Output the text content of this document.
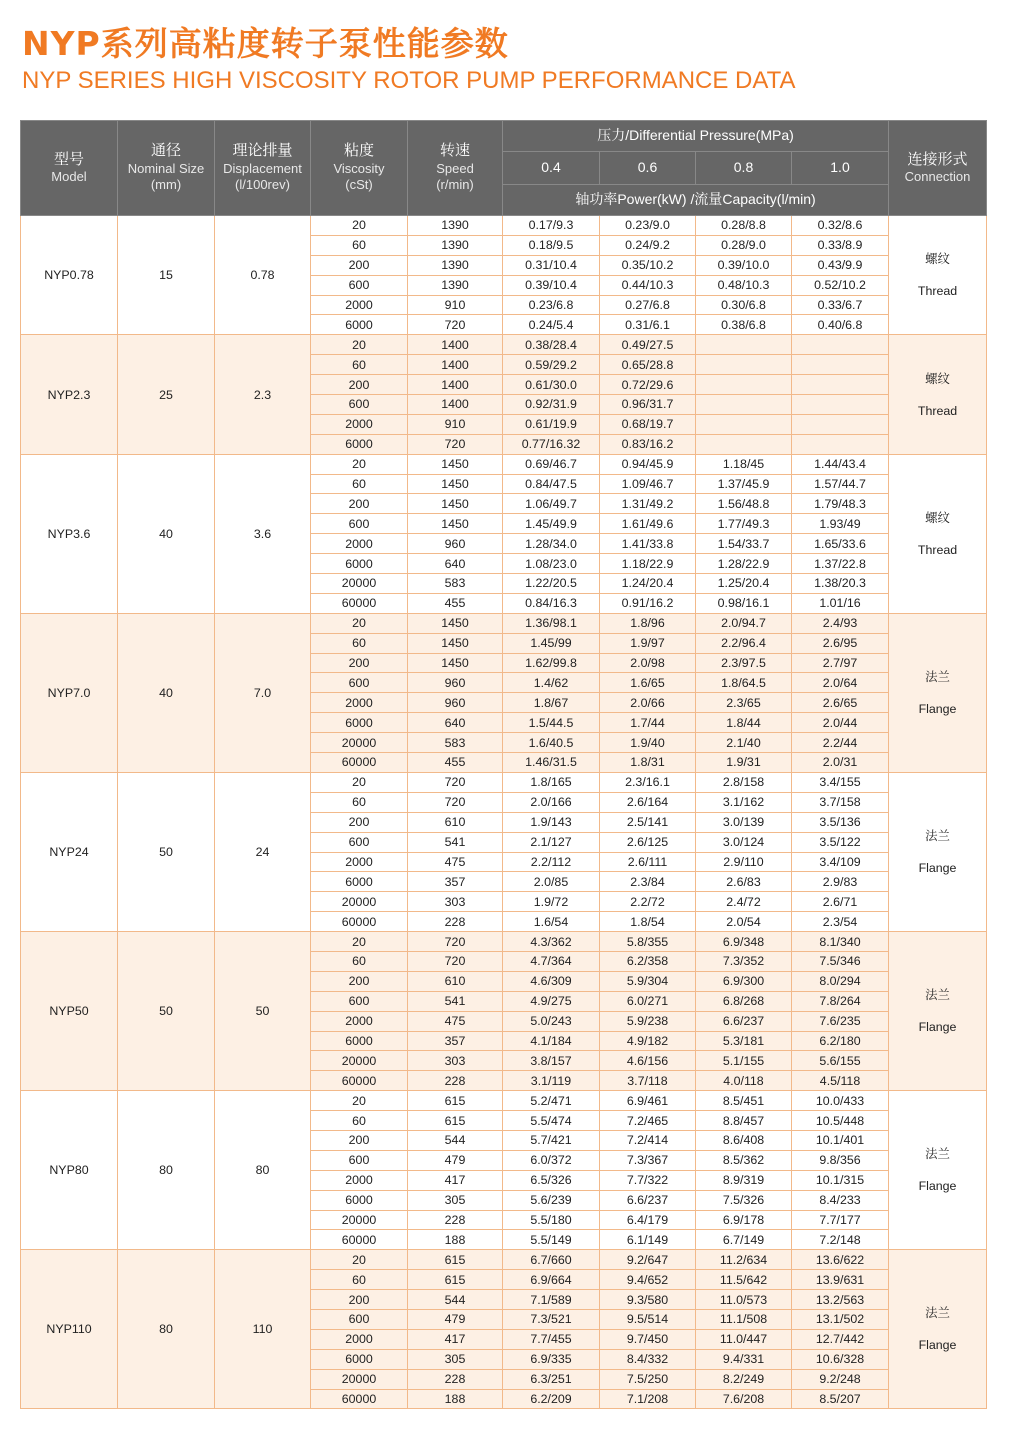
NYP系列高粘度转子泵性能参数
NYP SERIES HIGH VISCOSITY ROTOR PUMP PERFORMANCE DATA
型号
Model	通径
Nominal Size
(mm)	理论排量
Displacement
(l/100rev)	粘度
Viscosity
(cSt)	转速
Speed
(r/min)	压力/Differential Pressure(MPa)				连接形式
Connection

					0.4	0.6	0.8	1.0	
					轴功率Power(kW) /流量Capacity(l/min)				
NYP0.78	15	0.78	20	1390	0.17/9.3	0.23/9.0	0.28/8.8	0.32/8.6	螺纹
Thread

			60	1390	0.18/9.5	0.24/9.2	0.28/9.0	0.33/8.9	
			200	1390	0.31/10.4	0.35/10.2	0.39/10.0	0.43/9.9	
			600	1390	0.39/10.4	0.44/10.3	0.48/10.3	0.52/10.2	
			2000	910	0.23/6.8	0.27/6.8	0.30/6.8	0.33/6.7	
			6000	720	0.24/5.4	0.31/6.1	0.38/6.8	0.40/6.8	
NYP2.3	25	2.3	20	1400	0.38/28.4	0.49/27.5			螺纹
Thread

			60	1400	0.59/29.2	0.65/28.8			
			200	1400	0.61/30.0	0.72/29.6			
			600	1400	0.92/31.9	0.96/31.7			
			2000	910	0.61/19.9	0.68/19.7			
			6000	720	0.77/16.32	0.83/16.2			
NYP3.6	40	3.6	20	1450	0.69/46.7	0.94/45.9	1.18/45	1.44/43.4	螺纹
Thread

			60	1450	0.84/47.5	1.09/46.7	1.37/45.9	1.57/44.7	
			200	1450	1.06/49.7	1.31/49.2	1.56/48.8	1.79/48.3	
			600	1450	1.45/49.9	1.61/49.6	1.77/49.3	1.93/49	
			2000	960	1.28/34.0	1.41/33.8	1.54/33.7	1.65/33.6	
			6000	640	1.08/23.0	1.18/22.9	1.28/22.9	1.37/22.8	
			20000	583	1.22/20.5	1.24/20.4	1.25/20.4	1.38/20.3	
			60000	455	0.84/16.3	0.91/16.2	0.98/16.1	1.01/16	
NYP7.0	40	7.0	20	1450	1.36/98.1	1.8/96	2.0/94.7	2.4/93	法兰
Flange

			60	1450	1.45/99	1.9/97	2.2/96.4	2.6/95	
			200	1450	1.62/99.8	2.0/98	2.3/97.5	2.7/97	
			600	960	1.4/62	1.6/65	1.8/64.5	2.0/64	
			2000	960	1.8/67	2.0/66	2.3/65	2.6/65	
			6000	640	1.5/44.5	1.7/44	1.8/44	2.0/44	
			20000	583	1.6/40.5	1.9/40	2.1/40	2.2/44	
			60000	455	1.46/31.5	1.8/31	1.9/31	2.0/31	
NYP24	50	24	20	720	1.8/165	2.3/16.1	2.8/158	3.4/155	法兰
Flange

			60	720	2.0/166	2.6/164	3.1/162	3.7/158	
			200	610	1.9/143	2.5/141	3.0/139	3.5/136	
			600	541	2.1/127	2.6/125	3.0/124	3.5/122	
			2000	475	2.2/112	2.6/111	2.9/110	3.4/109	
			6000	357	2.0/85	2.3/84	2.6/83	2.9/83	
			20000	303	1.9/72	2.2/72	2.4/72	2.6/71	
			60000	228	1.6/54	1.8/54	2.0/54	2.3/54	
NYP50	50	50	20	720	4.3/362	5.8/355	6.9/348	8.1/340	法兰
Flange

			60	720	4.7/364	6.2/358	7.3/352	7.5/346	
			200	610	4.6/309	5.9/304	6.9/300	8.0/294	
			600	541	4.9/275	6.0/271	6.8/268	7.8/264	
			2000	475	5.0/243	5.9/238	6.6/237	7.6/235	
			6000	357	4.1/184	4.9/182	5.3/181	6.2/180	
			20000	303	3.8/157	4.6/156	5.1/155	5.6/155	
			60000	228	3.1/119	3.7/118	4.0/118	4.5/118	
NYP80	80	80	20	615	5.2/471	6.9/461	8.5/451	10.0/433	法兰
Flange

			60	615	5.5/474	7.2/465	8.8/457	10.5/448	
			200	544	5.7/421	7.2/414	8.6/408	10.1/401	
			600	479	6.0/372	7.3/367	8.5/362	9.8/356	
			2000	417	6.5/326	7.7/322	8.9/319	10.1/315	
			6000	305	5.6/239	6.6/237	7.5/326	8.4/233	
			20000	228	5.5/180	6.4/179	6.9/178	7.7/177	
			60000	188	5.5/149	6.1/149	6.7/149	7.2/148	
NYP110	80	110	20	615	6.7/660	9.2/647	11.2/634	13.6/622	法兰
Flange

			60	615	6.9/664	9.4/652	11.5/642	13.9/631	
			200	544	7.1/589	9.3/580	11.0/573	13.2/563	
			600	479	7.3/521	9.5/514	11.1/508	13.1/502	
			2000	417	7.7/455	9.7/450	11.0/447	12.7/442	
			6000	305	6.9/335	8.4/332	9.4/331	10.6/328	
			20000	228	6.3/251	7.5/250	8.2/249	9.2/248	
			60000	188	6.2/209	7.1/208	7.6/208	8.5/207	
